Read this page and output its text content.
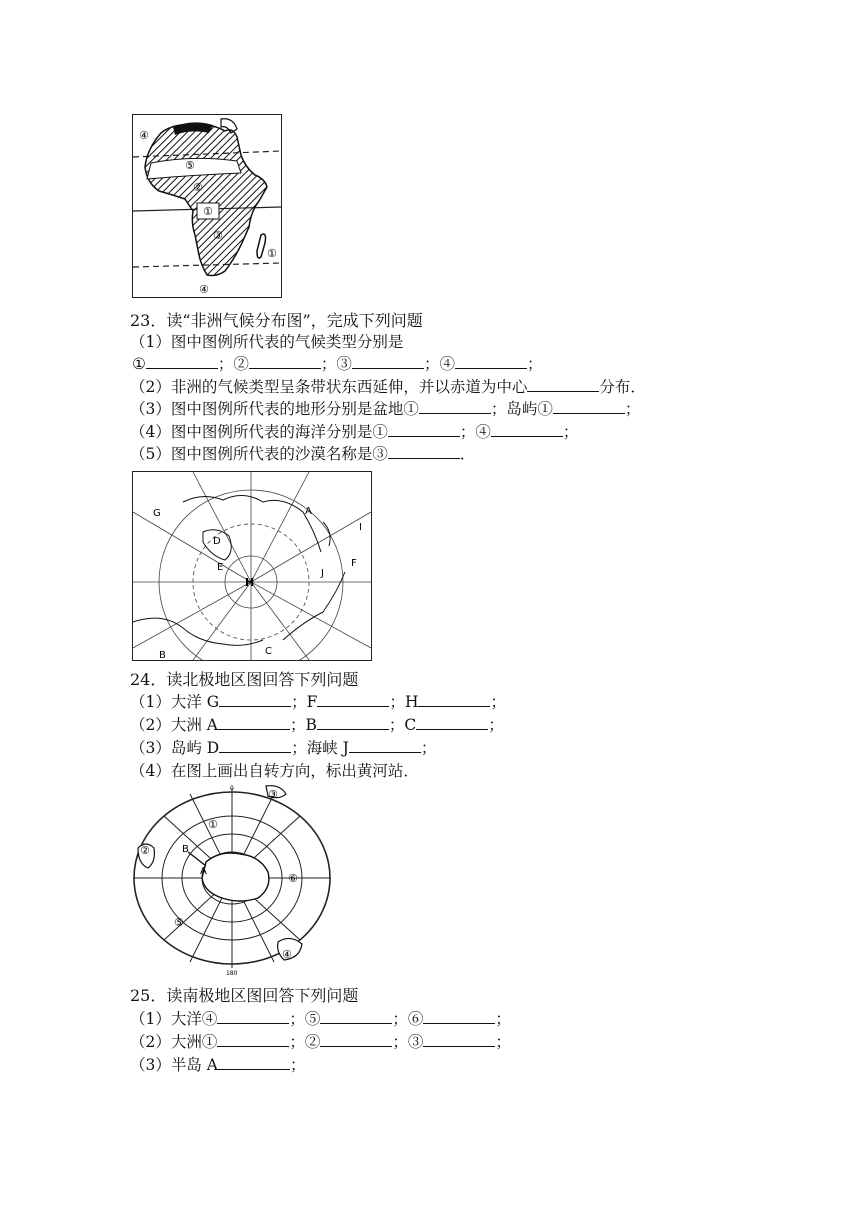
④
⑤
②
①
③
①
④
23．读“非洲气候分布图”，完成下列问题
（1）图中图例所代表的气候类型分别是
①	；②	；③	；④	；
（2）非洲的气候类型呈条带状东西延伸，并以赤道为中心	分布．
（3）图中图例所代表的地形分别是盆地①	；岛屿①	；
（4）图中图例所代表的海洋分别是①	；④	；
（5）图中图例所代表的沙漠名称是③	．
G	A
I
D
E
J
F
H
B	C
24．读北极地区图回答下列问题
（1）大洋 G	；F	；H	；
（2）大洲 A	；B	；C	；
（3）岛屿 D	；海峡 J	；
（4）在图上画出自转方向，标出黄河站．
③
①
②	B
A
⑥
⑤
④
0
180
25．读南极地区图回答下列问题
（1）大洋④	；⑤	；⑥	；
（2）大洲①	；②	；③	；
（3）半岛 A	；
